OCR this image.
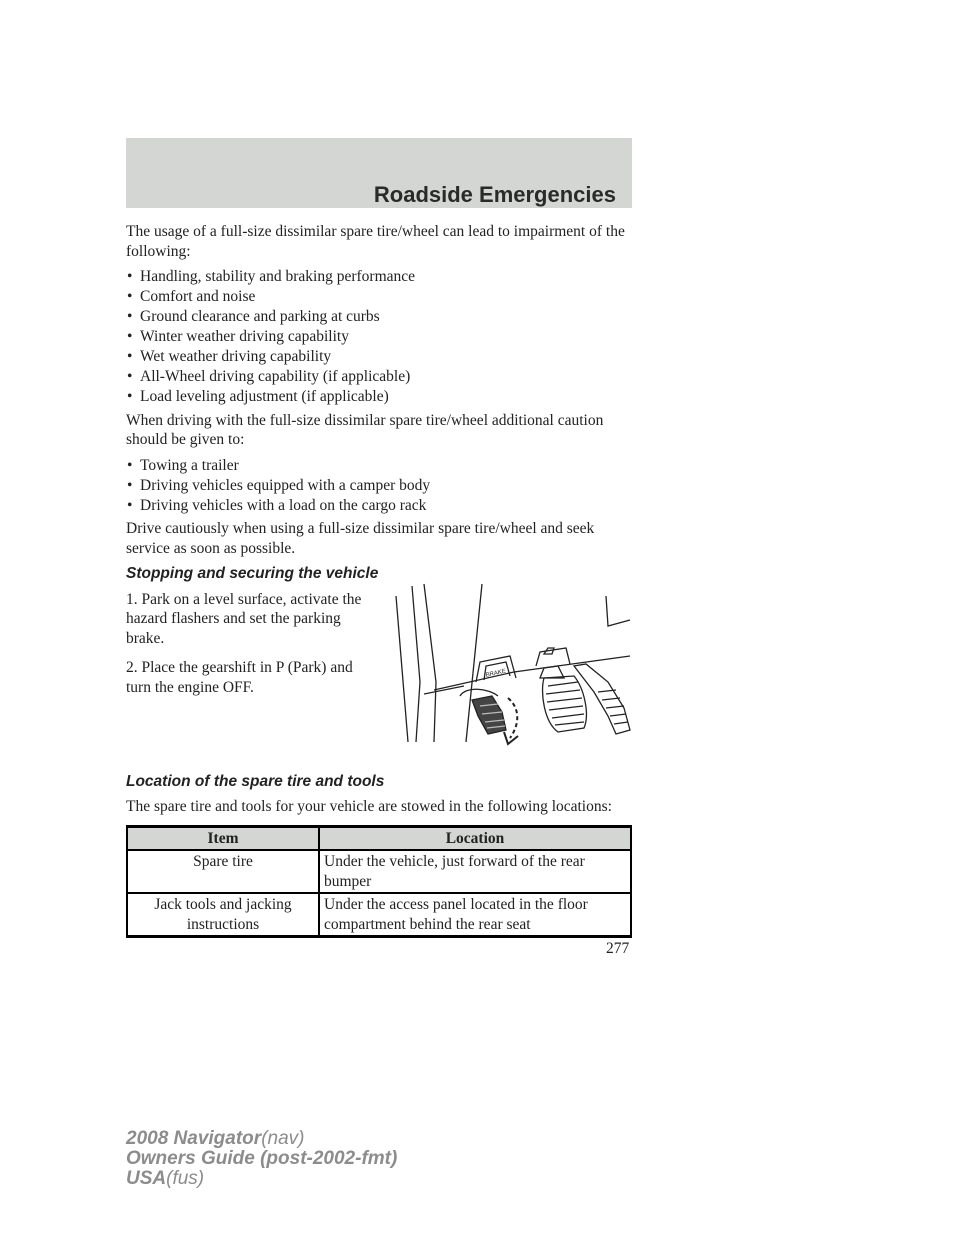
Roadside Emergencies

The usage of a full-size dissimilar spare tire/wheel can lead to impairment of the following:

• Handling, stability and braking performance
• Comfort and noise
• Ground clearance and parking at curbs
• Winter weather driving capability
• Wet weather driving capability
• All-Wheel driving capability (if applicable)
• Load leveling adjustment (if applicable)

When driving with the full-size dissimilar spare tire/wheel additional caution should be given to:

• Towing a trailer
• Driving vehicles equipped with a camper body
• Driving vehicles with a load on the cargo rack

Drive cautiously when using a full-size dissimilar spare tire/wheel and seek service as soon as possible.

Stopping and securing the vehicle

1. Park on a level surface, activate the hazard flashers and set the parking brake.

2. Place the gearshift in P (Park) and turn the engine OFF.

BRAKE

Location of the spare tire and tools

The spare tire and tools for your vehicle are stowed in the following locations:

Item	Location
Spare tire	Under the vehicle, just forward of the rear bumper
Jack tools and jacking instructions	Under the access panel located in the floor compartment behind the rear seat
277
2008 Navigator(nav)
Owners Guide (post-2002-fmt)
USA(fus)
